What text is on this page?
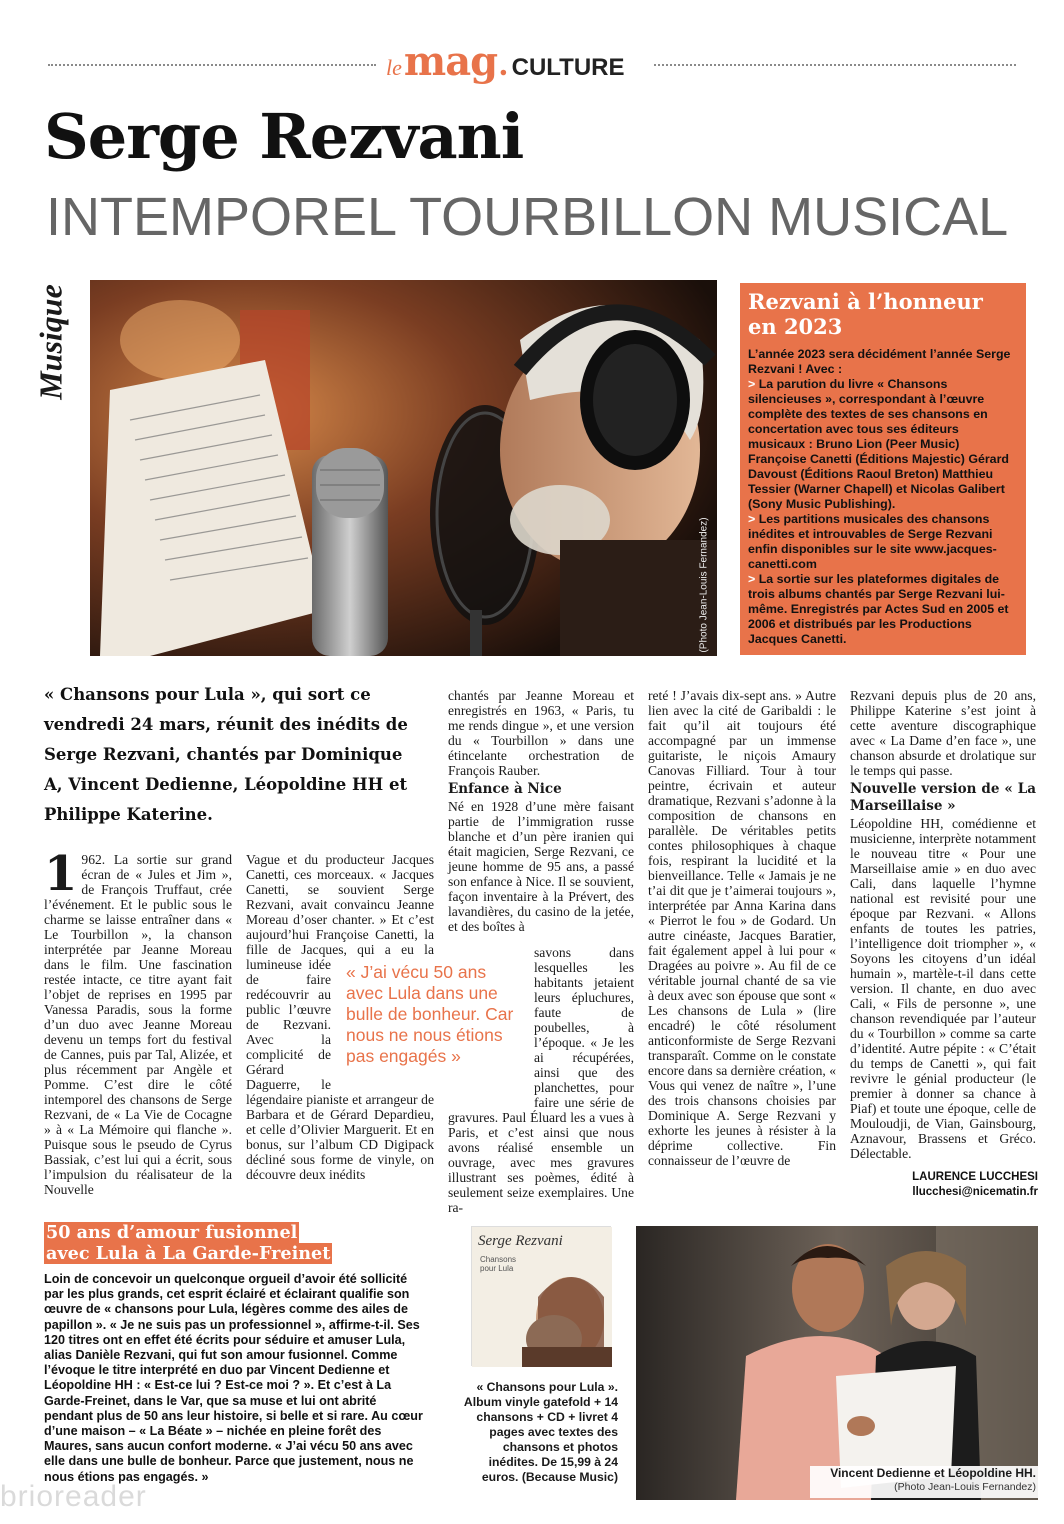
le mag . CULTURE
Serge Rezvani
INTEMPOREL TOURBILLON MUSICAL
Musique
(Photo Jean-Louis Fernandez)
Rezvani à l’honneur en 2023
L’année 2023 sera décidément l’année Serge Rezvani ! Avec :
> La parution du livre « Chansons silencieuses », correspondant à l’œuvre complète des textes de ses chansons en concertation avec tous ses éditeurs musicaux : Bruno Lion (Peer Music) Françoise Canetti (Éditions Majestic) Gérard Davoust (Éditions Raoul Breton) Matthieu Tessier (Warner Chapell) et Nicolas Galibert (Sony Music Publishing).
> Les partitions musicales des chansons inédites et introuvables de Serge Rezvani enfin disponibles sur le site www.jacques-canetti.com
> La sortie sur les plateformes digitales de trois albums chantés par Serge Rezvani lui-même. Enregistrés par Actes Sud en 2005 et 2006 et distribués par les Productions Jacques Canetti.
« Chansons pour Lula », qui sort ce vendredi 24 mars, réunit des inédits de Serge Rezvani, chantés par Dominique A, Vincent Dedienne, Léopoldine HH et Philippe Katerine.
1 962. La sortie sur grand écran de « Jules et Jim », de François Truffaut, crée l’événement. Et le public sous le charme se laisse entraîner dans « Le Tourbillon », la chanson interprétée par Jeanne Moreau dans le film. Une fascination restée intacte, ce titre ayant fait l’objet de reprises en 1995 par Vanessa Paradis, sous la forme d’un duo avec Jeanne Moreau devenu un temps fort du festival de Cannes, puis par Tal, Alizée, et plus récemment par Angèle et Pomme. C’est dire le côté intemporel des chansons de Serge Rezvani, de « La Vie de Cocagne » à « La Mémoire qui flanche ». Puisque sous le pseudo de Cyrus Bassiak, c’est lui qui a écrit, sous l’impulsion du réalisateur de la Nouvelle
Vague et du producteur Jacques Canetti, ces morceaux. « Jacques Canetti, se souvient Serge Rezvani, avait convaincu Jeanne Moreau d’oser chanter. » Et c’est aujourd’hui Françoise Canetti, la fille de Jacques, qui a eu la lumineuse idée de faire redécouvrir au public l’œuvre de Rezvani. Avec la complicité de Gérard Daguerre, le légendaire pianiste et arrangeur de Barbara et de Gérard Depardieu, et celle d’Olivier Marguerit. Et en bonus, sur l’album CD Digipack décliné sous forme de vinyle, on découvre deux inédits

chantés par Jeanne Moreau et enregistrés en 1963, « Paris, tu me rends dingue », et une version du « Tourbillon » dans une étincelante orchestration de François Rauber.

Enfance à Nice

Né en 1928 d’une mère faisant partie de l’immigration russe blanche et d’un père iranien qui était magicien, Serge Rezvani, ce jeune homme de 95 ans, a passé son enfance à Nice. Il se souvient, façon inventaire à la Prévert, des lavandières, du casino de la jetée, et des boîtes à

savons dans lesquelles les habitants jetaient leurs épluchures, faute de poubelles, à l’époque. « Je les ai récupérées, ainsi que des planchettes, pour faire une série de gravures. Paul Éluard les a vues à Paris, et c’est ainsi que nous avons réalisé ensemble un ouvrage, avec mes gravures illustrant ses poèmes, édité à seulement seize exemplaires. Une ra-
« J’ai vécu 50 ans avec Lula dans une bulle de bonheur. Car nous ne nous étions pas engagés »
reté ! J’avais dix-sept ans. » Autre lien avec la cité de Garibaldi : le fait qu’il ait toujours été accompagné par un immense guitariste, le niçois Amaury Canovas Filliard. Tour à tour peintre, écrivain et auteur dramatique, Rezvani s’adonne à la composition de chansons en parallèle. De véritables petits contes philosophiques à chaque fois, respirant la lucidité et la bienveillance. Telle « Jamais je ne t’ai dit que je t’aimerai toujours », interprétée par Anna Karina dans « Pierrot le fou » de Godard. Un autre cinéaste, Jacques Baratier, fait également appel à lui pour « Dragées au poivre ». Au fil de ce véritable journal chanté de sa vie à deux avec son épouse que sont « Les chansons de Lula » (lire encadré) le côté résolument anticonformiste de Serge Rezvani transparaît. Comme on le constate encore dans sa dernière création, « Vous qui venez de naître », l’une des trois chansons choisies par Dominique A. Serge Rezvani y exhorte les jeunes à résister à la déprime collective. Fin connaisseur de l’œuvre de

Rezvani depuis plus de 20 ans, Philippe Katerine s’est joint à cette aventure discographique avec « La Dame d’en face », une chanson absurde et drolatique sur le temps qui passe.

Nouvelle version de « La Marseillaise »

Léopoldine HH, comédienne et musicienne, interprète notamment le nouveau titre « Pour une Marseillaise amie » en duo avec Cali, dans laquelle l’hymne national est revisité pour une époque par Rezvani. « Allons enfants de toutes les patries, l’intelligence doit triompher », « Soyons les citoyens d’un idéal humain », martèle-t-il dans cette version. Il chante, en duo avec Cali, « Fils de personne », une chanson revendiquée par l’auteur du « Tourbillon » comme sa carte d’identité. Autre pépite : « C’était du temps de Canetti », qui fait revivre le génial producteur (le premier à donner sa chance à Piaf) et toute une époque, celle de Mouloudji, de Vian, Gainsbourg, Aznavour, Brassens et Gréco. Délectable.

LAURENCE LUCCHESI
llucchesi@nicematin.fr
50 ans d’amour fusionnel
avec Lula à La Garde-Freinet
Loin de concevoir un quelconque orgueil d’avoir été sollicité par les plus grands, cet esprit éclairé et éclairant qualifie son œuvre de « chansons pour Lula, légères comme des ailes de papillon ». « Je ne suis pas un professionnel », affirme-t-il. Ses 120 titres ont en effet été écrits pour séduire et amuser Lula, alias Danièle Rezvani, qui fut son amour fusionnel. Comme l’évoque le titre interprété en duo par Vincent Dedienne et Léopoldine HH : « Est-ce lui ? Est-ce moi ? ». Et c’est à La Garde-Freinet, dans le Var, que sa muse et lui ont abrité pendant plus de 50 ans leur histoire, si belle et si rare. Au cœur d’une maison – « La Béate » – nichée en pleine forêt des Maures, sans aucun confort moderne. « J’ai vécu 50 ans avec elle dans une bulle de bonheur. Parce que justement, nous ne nous étions pas engagés. »
Serge Rezvani
Chansons pour Lula
« Chansons pour Lula ». Album vinyle gatefold + 14 chansons + CD + livret 4 pages avec textes des chansons et photos inédites. De 15,99 à 24 euros. (Because Music)	Vincent Dedienne et Léopoldine HH.
(Photo Jean-Louis Fernandez)
brioreader
